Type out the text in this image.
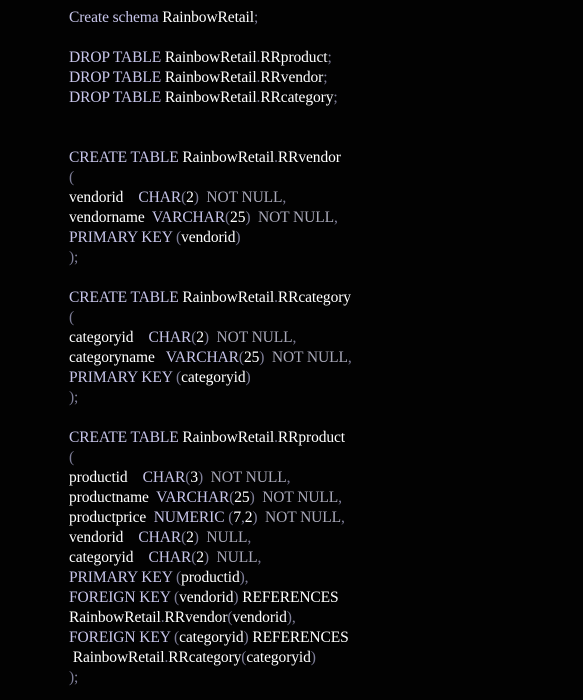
Create schema RainbowRetail;
DROP TABLE RainbowRetail.RRproduct;
DROP TABLE RainbowRetail.RRvendor;
DROP TABLE RainbowRetail.RRcategory;
CREATE TABLE RainbowRetail.RRvendor
(
vendorid    CHAR(2)  NOT NULL,
vendorname  VARCHAR(25)  NOT NULL,
PRIMARY KEY (vendorid)
);
CREATE TABLE RainbowRetail.RRcategory
(
categoryid    CHAR(2)  NOT NULL,
categoryname   VARCHAR(25)  NOT NULL,
PRIMARY KEY (categoryid)
);
CREATE TABLE RainbowRetail.RRproduct
(
productid    CHAR(3)  NOT NULL,
productname  VARCHAR(25)  NOT NULL,
productprice  NUMERIC (7,2)  NOT NULL,
vendorid    CHAR(2)  NULL,
categoryid    CHAR(2)  NULL,
PRIMARY KEY (productid),
FOREIGN KEY (vendorid) REFERENCES
RainbowRetail.RRvendor(vendorid),
FOREIGN KEY (categoryid) REFERENCES
RainbowRetail.RRcategory(categoryid)
);
